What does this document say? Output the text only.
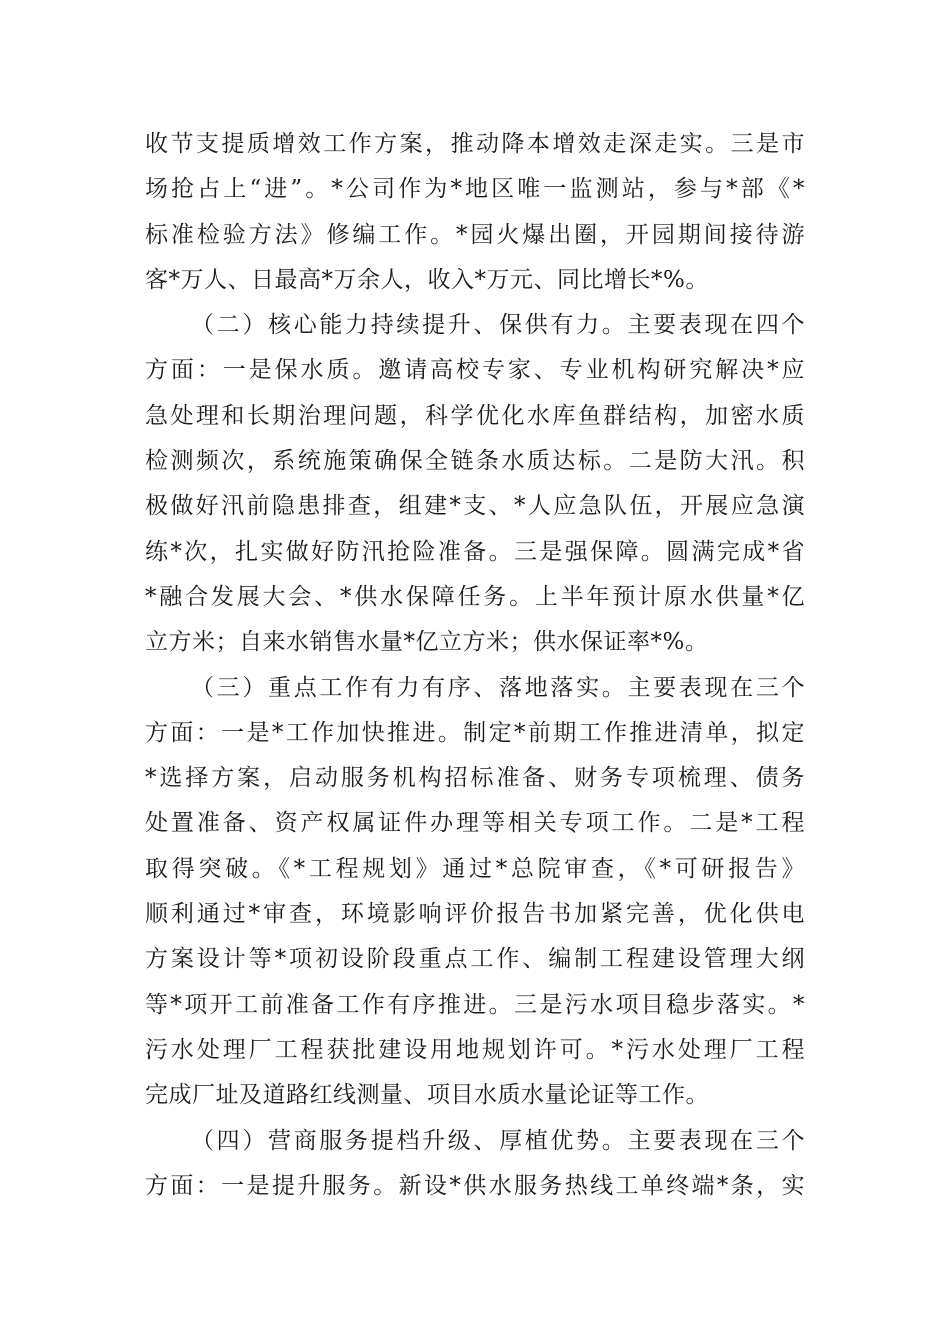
收节支提质增效工作方案，推动降本增效走深走实。三是市
场抢占上“进”。*公司作为*地区唯一监测站，参与*部《*
标准检验方法》修编工作。*园火爆出圈，开园期间接待游
客*万人、日最高*万余人，收入*万元、同比增长*%。
（二）核心能力持续提升、保供有力。主要表现在四个
方面：一是保水质。邀请高校专家、专业机构研究解决*应
急处理和长期治理问题，科学优化水库鱼群结构，加密水质
检测频次，系统施策确保全链条水质达标。二是防大汛。积
极做好汛前隐患排查，组建*支、*人应急队伍，开展应急演
练*次，扎实做好防汛抢险准备。三是强保障。圆满完成*省
*融合发展大会、*供水保障任务。上半年预计原水供量*亿
立方米；自来水销售水量*亿立方米；供水保证率*%。
（三）重点工作有力有序、落地落实。主要表现在三个
方面：一是*工作加快推进。制定*前期工作推进清单，拟定
*选择方案，启动服务机构招标准备、财务专项梳理、债务
处置准备、资产权属证件办理等相关专项工作。二是*工程
取得突破。《*工程规划》通过*总院审查，《*可研报告》
顺利通过*审查，环境影响评价报告书加紧完善，优化供电
方案设计等*项初设阶段重点工作、编制工程建设管理大纲
等*项开工前准备工作有序推进。三是污水项目稳步落实。*
污水处理厂工程获批建设用地规划许可。*污水处理厂工程
完成厂址及道路红线测量、项目水质水量论证等工作。
（四）营商服务提档升级、厚植优势。主要表现在三个
方面：一是提升服务。新设*供水服务热线工单终端*条，实
